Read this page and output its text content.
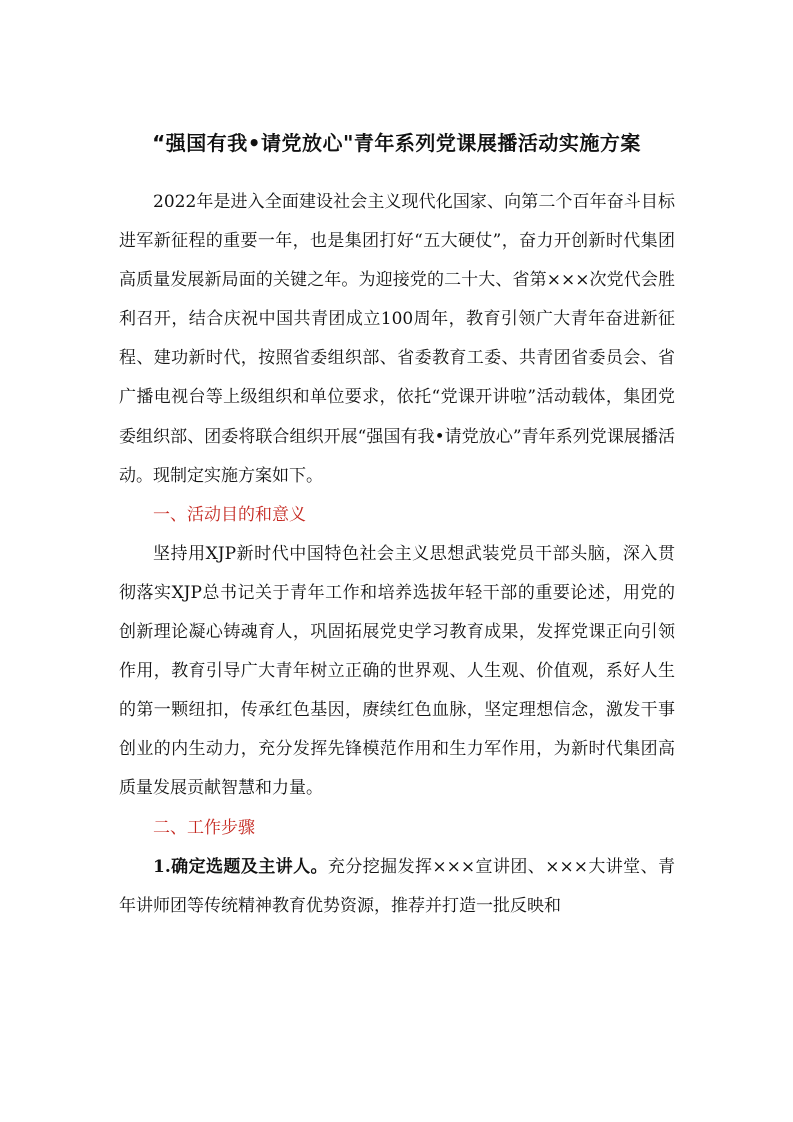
“强国有我•请党放心"青年系列党课展播活动实施方案

2022年是进入全面建设社会主义现代化国家、向第二个百年奋斗目标进军新征程的重要一年，也是集团打好“五大硬仗”，奋力开创新时代集团高质量发展新局面的关键之年。为迎接党的二十大、省第×××次党代会胜利召开，结合庆祝中国共青团成立100周年，教育引领广大青年奋进新征程、建功新时代，按照省委组织部、省委教育工委、共青团省委员会、省广播电视台等上级组织和单位要求，依托“党课开讲啦”活动载体，集团党委组织部、团委将联合组织开展“强国有我•请党放心”青年系列党课展播活动。现制定实施方案如下。

一、活动目的和意义

坚持用XJP新时代中国特色社会主义思想武装党员干部头脑，深入贯彻落实XJP总书记关于青年工作和培养选拔年轻干部的重要论述，用党的创新理论凝心铸魂育人，巩固拓展党史学习教育成果，发挥党课正向引领作用，教育引导广大青年树立正确的世界观、人生观、价值观，系好人生的第一颗纽扣，传承红色基因，赓续红色血脉，坚定理想信念，激发干事创业的内生动力，充分发挥先锋模范作用和生力军作用，为新时代集团高质量发展贡献智慧和力量。

二、工作步骤

1.确定选题及主讲人。充分挖掘发挥×××宣讲团、×××大讲堂、青年讲师团等传统精神教育优势资源，推荐并打造一批反映和
